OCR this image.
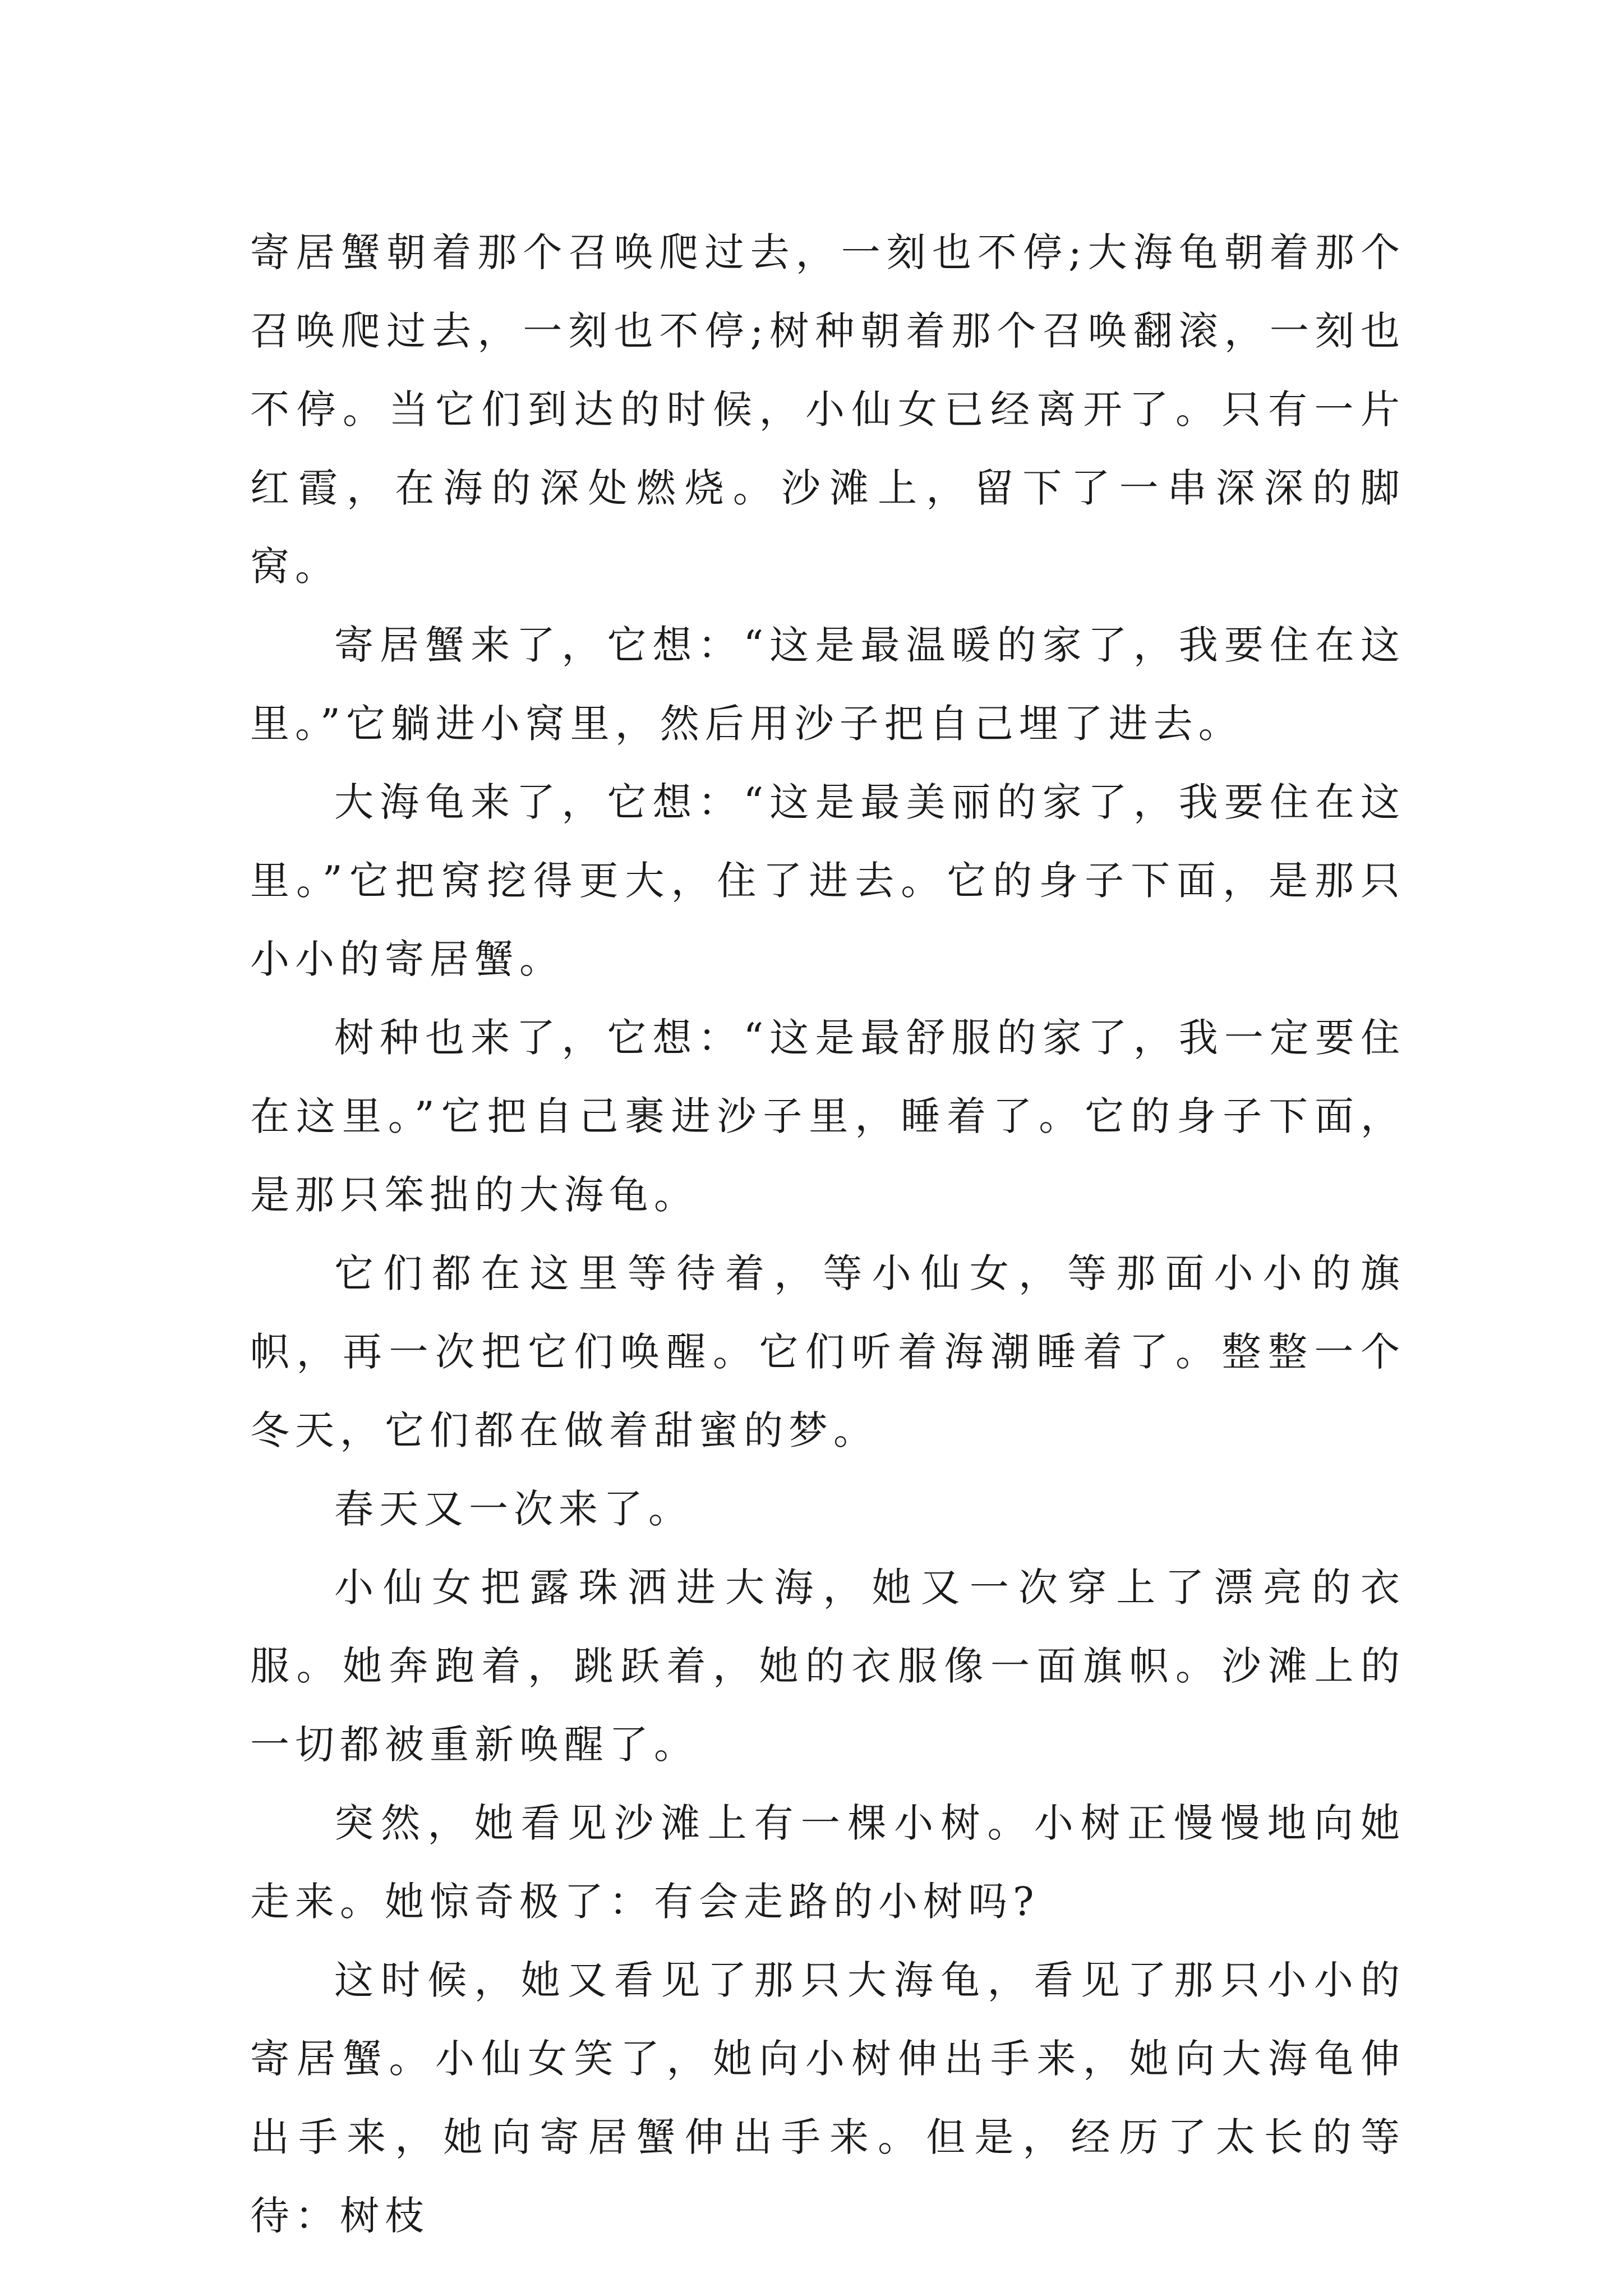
寄居蟹朝着那个召唤爬过去，一刻也不停;大海龟朝着那个召唤爬过去，一刻也不停;树种朝着那个召唤翻滚，一刻也不停。当它们到达的时候，小仙女已经离开了。只有一片红霞，在海的深处燃烧。沙滩上，留下了一串深深的脚窝。

寄居蟹来了，它想：“这是最温暖的家了，我要住在这里。”它躺进小窝里，然后用沙子把自己埋了进去。

大海龟来了，它想：“这是最美丽的家了，我要住在这里。”它把窝挖得更大，住了进去。它的身子下面，是那只小小的寄居蟹。

树种也来了，它想：“这是最舒服的家了，我一定要住在这里。”它把自己裹进沙子里，睡着了。它的身子下面，是那只笨拙的大海龟。

它们都在这里等待着，等小仙女，等那面小小的旗帜，再一次把它们唤醒。它们听着海潮睡着了。整整一个冬天，它们都在做着甜蜜的梦。

春天又一次来了。

小仙女把露珠洒进大海，她又一次穿上了漂亮的衣服。她奔跑着，跳跃着，她的衣服像一面旗帜。沙滩上的一切都被重新唤醒了。

突然，她看见沙滩上有一棵小树。小树正慢慢地向她走来。她惊奇极了：有会走路的小树吗?

这时候，她又看见了那只大海龟，看见了那只小小的寄居蟹。小仙女笑了，她向小树伸出手来，她向大海龟伸出手来，她向寄居蟹伸出手来。但是，经历了太长的等待：树枝
